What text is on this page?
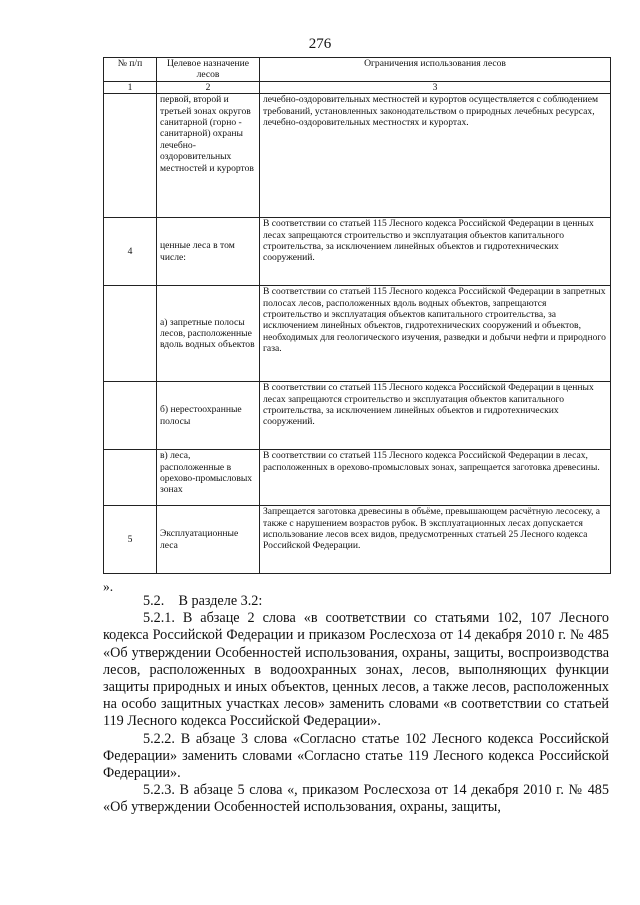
276
№ п/п	Целевое назначение лесов	Ограничения использования лесов
1	2	3
	первой, второй и третьей зонах округов санитарной (горно - санитарной) охраны лечебно-оздоровительных местностей и курортов	лечебно-оздоровительных местностей и курортов осуществляется с соблюдением требований, установленных законодательством о природных лечебных ресурсах, лечебно-оздоровительных местностях и курортах.
4	ценные леса в том числе:	В соответствии со статьей 115 Лесного кодекса Российской Федерации в ценных лесах запрещаются строительство и эксплуатация объектов капитального строительства, за исключением линейных объектов и гидротехнических сооружений.
	а) запретные полосы лесов, расположенные вдоль водных объектов	В соответствии со статьей 115 Лесного кодекса Российской Федерации в запретных полосах лесов, расположенных вдоль водных объектов, запрещаются строительство и эксплуатация объектов капитального строительства, за исключением линейных объектов, гидротехнических сооружений и объектов, необходимых для геологического изучения, разведки и добычи нефти и природного газа.
	б) нерестоохранные полосы	В соответствии со статьей 115 Лесного кодекса Российской Федерации в ценных лесах запрещаются строительство и эксплуатация объектов капитального строительства, за исключением линейных объектов и гидротехнических сооружений.
	в) леса, расположенные в орехово-промысловых зонах	В соответствии со статьей 115 Лесного кодекса Российской Федерации в лесах, расположенных в орехово-промысловых зонах, запрещается заготовка древесины.
5	Эксплуатационные леса	Запрещается заготовка древесины в объёме, превышающем расчётную лесосеку, а также с нарушением возрастов рубок. В эксплуатационных лесах допускается использование лесов всех видов, предусмотренных статьей 25 Лесного кодекса Российской Федерации.
».

5.2.    В разделе 3.2:

5.2.1. В абзаце 2 слова «в соответствии со статьями 102, 107 Лесного кодекса Российской Федерации и приказом Рослесхоза от 14 декабря 2010 г. № 485 «Об утверждении Особенностей использования, охраны, защиты, воспроизводства лесов, расположенных в водоохранных зонах, лесов, выполняющих функции защиты природных и иных объектов, ценных лесов, а также лесов, расположенных на особо защитных участках лесов» заменить словами «в соответствии со статьей 119 Лесного кодекса Российской Федерации».

5.2.2. В абзаце 3 слова «Согласно статье 102 Лесного кодекса Российской Федерации» заменить словами «Согласно статье 119 Лесного кодекса Российской Федерации».

5.2.3. В абзаце 5 слова «, приказом Рослесхоза от 14 декабря 2010 г. № 485 «Об утверждении Особенностей использования, охраны, защиты,
